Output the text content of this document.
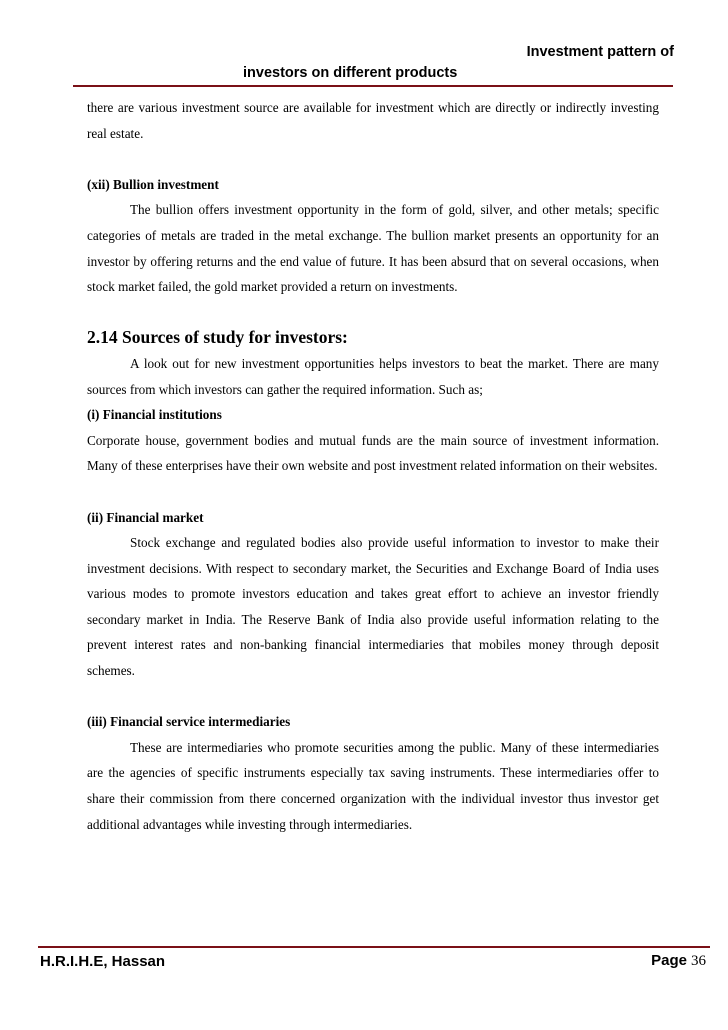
Investment pattern of
investors on different products

there are various investment source are available for investment which are directly or indirectly investing real estate.

(xii) Bullion investment

The bullion offers investment opportunity in the form of gold, silver, and other metals; specific categories of metals are traded in the metal exchange. The bullion market presents an opportunity for an investor by offering returns and the end value of future. It has been absurd that on several occasions, when stock market failed, the gold market provided a return on investments.

2.14 Sources of study for investors:

A look out for new investment opportunities helps investors to beat the market. There are many sources from which investors can gather the required information. Such as;

(i) Financial institutions

Corporate house, government bodies and mutual funds are the main source of investment information. Many of these enterprises have their own website and post investment related information on their websites.

(ii) Financial market

Stock exchange and regulated bodies also provide useful information to investor to make their investment decisions. With respect to secondary market, the Securities and Exchange Board of India uses various modes to promote investors education and takes great effort to achieve an investor friendly secondary market in India. The Reserve Bank of India also provide useful information relating to the prevent interest rates and non-banking financial intermediaries that mobiles money through deposit schemes.

(iii) Financial service intermediaries

These are intermediaries who promote securities among the public. Many of these intermediaries are the agencies of specific instruments especially tax saving instruments. These intermediaries offer to share their commission from there concerned organization with the individual investor thus investor get additional advantages while investing through intermediaries.

H.R.I.H.E, Hassan	Page 36
